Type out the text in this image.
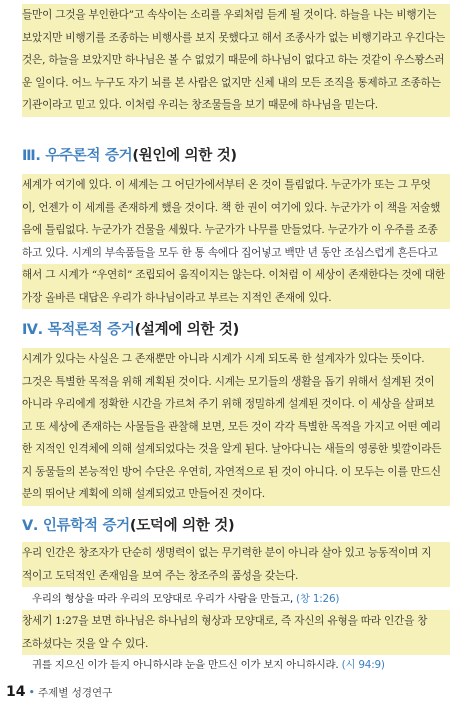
들만이 그것을 부인한다”고 속삭이는 소리를 우뢰처럼 듣게 될 것이다. 하늘을 나는 비행기는
보았지만 비행기를 조종하는 비행사를 보지 못했다고 해서 조종사가 없는 비행기라고 우긴다는
것은, 하늘을 보았지만 하나님은 볼 수 없었기 때문에 하나님이 없다고 하는 것같이 우스꽝스러
운 일이다. 어느 누구도 자기 뇌를 본 사람은 없지만 신체 내의 모든 조직을 통제하고 조종하는
기관이라고 믿고 있다. 이처럼 우리는 창조물들을 보기 때문에 하나님을 믿는다.
Ⅲ. 우주론적 증거(원인에 의한 것)
세계가 여기에 있다. 이 세계는 그 어딘가에서부터 온 것이 틀림없다. 누군가가 또는 그 무엇
이, 언젠가 이 세계를 존재하게 했을 것이다. 책 한 권이 여기에 있다. 누군가가 이 책을 저술했
음에 틀림없다. 누군가가 건물을 세웠다. 누군가가 나무를 만들었다. 누군가가 이 우주를 조종
하고 있다. 시계의 부속품들을 모두 한 통 속에다 집어넣고 백만 년 동안 조심스럽게 흔든다고
해서 그 시계가 “우연히” 조립되어 움직이지는 않는다. 이처럼 이 세상이 존재한다는 것에 대한
가장 올바른 대답은 우리가 하나님이라고 부르는 지적인 존재에 있다.
Ⅳ. 목적론적 증거(설계에 의한 것)
시계가 있다는 사실은 그 존재뿐만 아니라 시계가 시계 되도록 한 설계자가 있다는 뜻이다.
그것은 특별한 목적을 위해 계획된 것이다. 시계는 모기들의 생활을 돕기 위해서 설계된 것이
아니라 우리에게 정확한 시간을 가르쳐 주기 위해 정밀하게 설계된 것이다. 이 세상을 살펴보
고 또 세상에 존재하는 사물들을 관찰해 보면, 모든 것이 각각 특별한 목적을 가지고 어떤 예리
한 지적인 인격체에 의해 설계되었다는 것을 알게 된다. 날아다니는 새들의 영롱한 빛깔이라든
지 동물들의 본능적인 방어 수단은 우연히, 자연적으로 된 것이 아니다. 이 모두는 이를 만드신
분의 뛰어난 계획에 의해 설계되었고 만들어진 것이다.
Ⅴ. 인류학적 증거(도덕에 의한 것)
우리 인간은 창조자가 단순히 생명력이 없는 무기력한 분이 아니라 살아 있고 능동적이며 지
적이고 도덕적인 존재임을 보여 주는 창조주의 품성을 갖는다.
우리의 형상을 따라 우리의 모양대로 우리가 사람을 만들고, (창 1:26)
창세기 1:27을 보면 하나님은 하나님의 형상과 모양대로, 즉 자신의 유형을 따라 인간을 창
조하셨다는 것을 알 수 있다.
귀를 지으신 이가 듣지 아니하시랴 눈을 만드신 이가 보지 아니하시랴. (시 94:9)
14 • 주제별 성경연구
